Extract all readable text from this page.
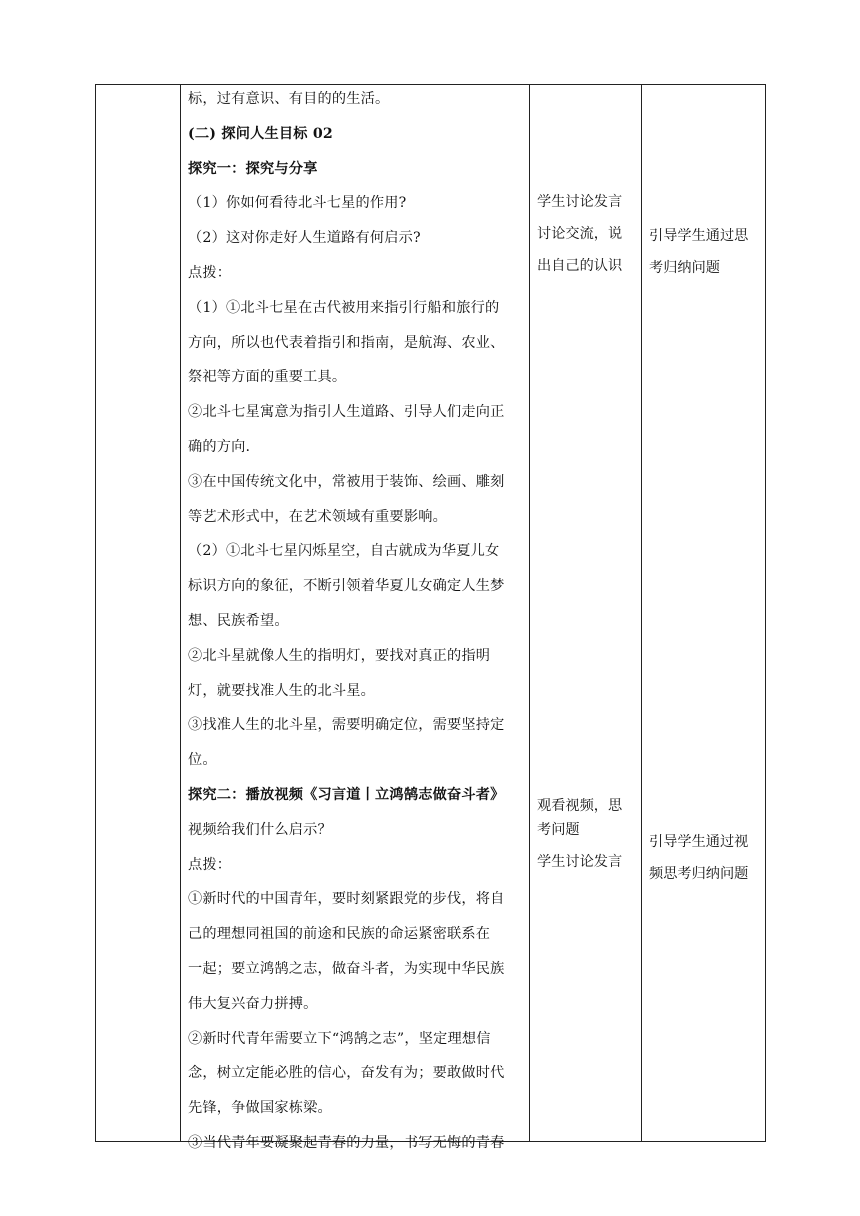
标，过有意识、有目的的生活。
(二) 探问人生目标 02
探究一：探究与分享
（1）你如何看待北斗七星的作用?
（2）这对你走好人生道路有何启示?
点拨：
（1）①北斗七星在古代被用来指引行船和旅行的
方向，所以也代表着指引和指南，是航海、农业、
祭祀等方面的重要工具。
②北斗七星寓意为指引人生道路、引导人们走向正
确的方向.
③在中国传统文化中，常被用于装饰、绘画、雕刻
等艺术形式中，在艺术领域有重要影响。
（2）①北斗七星闪烁星空，自古就成为华夏儿女
标识方向的象征，不断引领着华夏儿女确定人生梦
想、民族希望。
②北斗星就像人生的指明灯，要找对真正的指明
灯，就要找准人生的北斗星。
③找准人生的北斗星，需要明确定位，需要坚持定
位。
探究二：播放视频《习言道丨立鸿鹄志做奋斗者》
视频给我们什么启示？
点拨：
①新时代的中国青年，要时刻紧跟党的步伐，将自
己的理想同祖国的前途和民族的命运紧密联系在
一起；要立鸿鹄之志，做奋斗者，为实现中华民族
伟大复兴奋力拼搏。
②新时代青年需要立下“鸿鹄之志”，坚定理想信
念，树立定能必胜的信心，奋发有为；要敢做时代
先锋，争做国家栋梁。
③当代青年要凝聚起青春的力量，书写无悔的青春
学生讨论发言
讨论交流，说
出自己的认识
观看视频，思
考问题
学生讨论发言
引导学生通过思
考归纳问题
引导学生通过视
频思考归纳问题
